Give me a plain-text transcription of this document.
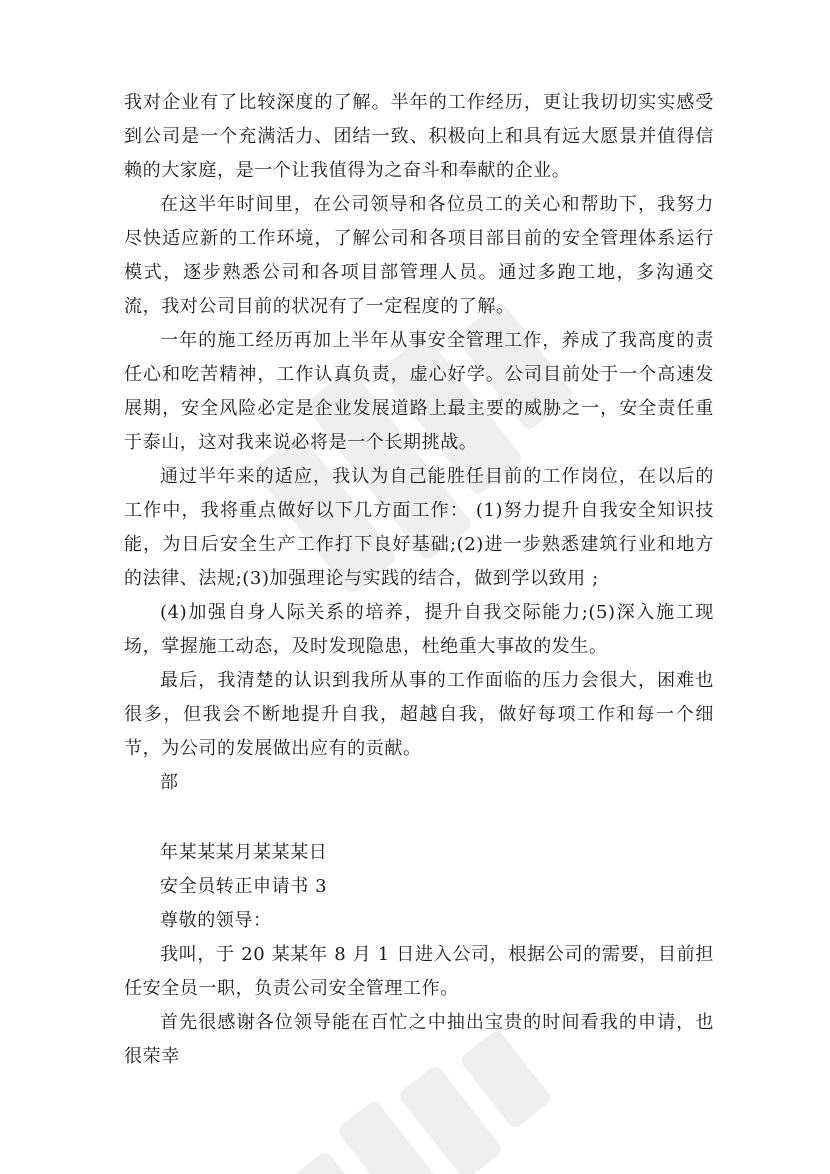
我对企业有了比较深度的了解。半年的工作经历，更让我切切实实感受到公司是一个充满活力、团结一致、积极向上和具有远大愿景并值得信赖的大家庭，是一个让我值得为之奋斗和奉献的企业。

在这半年时间里，在公司领导和各位员工的关心和帮助下，我努力尽快适应新的工作环境，了解公司和各项目部目前的安全管理体系运行模式，逐步熟悉公司和各项目部管理人员。通过多跑工地，多沟通交流，我对公司目前的状况有了一定程度的了解。

一年的施工经历再加上半年从事安全管理工作，养成了我高度的责任心和吃苦精神，工作认真负责，虚心好学。公司目前处于一个高速发展期，安全风险必定是企业发展道路上最主要的威胁之一，安全责任重于泰山，这对我来说必将是一个长期挑战。

通过半年来的适应，我认为自己能胜任目前的工作岗位，在以后的工作中，我将重点做好以下几方面工作： (1)努力提升自我安全知识技能，为日后安全生产工作打下良好基础;(2)进一步熟悉建筑行业和地方的法律、法规;(3)加强理论与实践的结合，做到学以致用 ;

(4)加强自身人际关系的培养，提升自我交际能力;(5)深入施工现场，掌握施工动态，及时发现隐患，杜绝重大事故的发生。

最后，我清楚的认识到我所从事的工作面临的压力会很大，困难也很多，但我会不断地提升自我，超越自我，做好每项工作和每一个细节，为公司的发展做出应有的贡献。

部

年某某某月某某某日

安全员转正申请书 3

尊敬的领导：

我叫，于 20 某某年 8 月 1 日进入公司，根据公司的需要，目前担任安全员一职，负责公司安全管理工作。

首先很感谢各位领导能在百忙之中抽出宝贵的时间看我的申请，也很荣幸
